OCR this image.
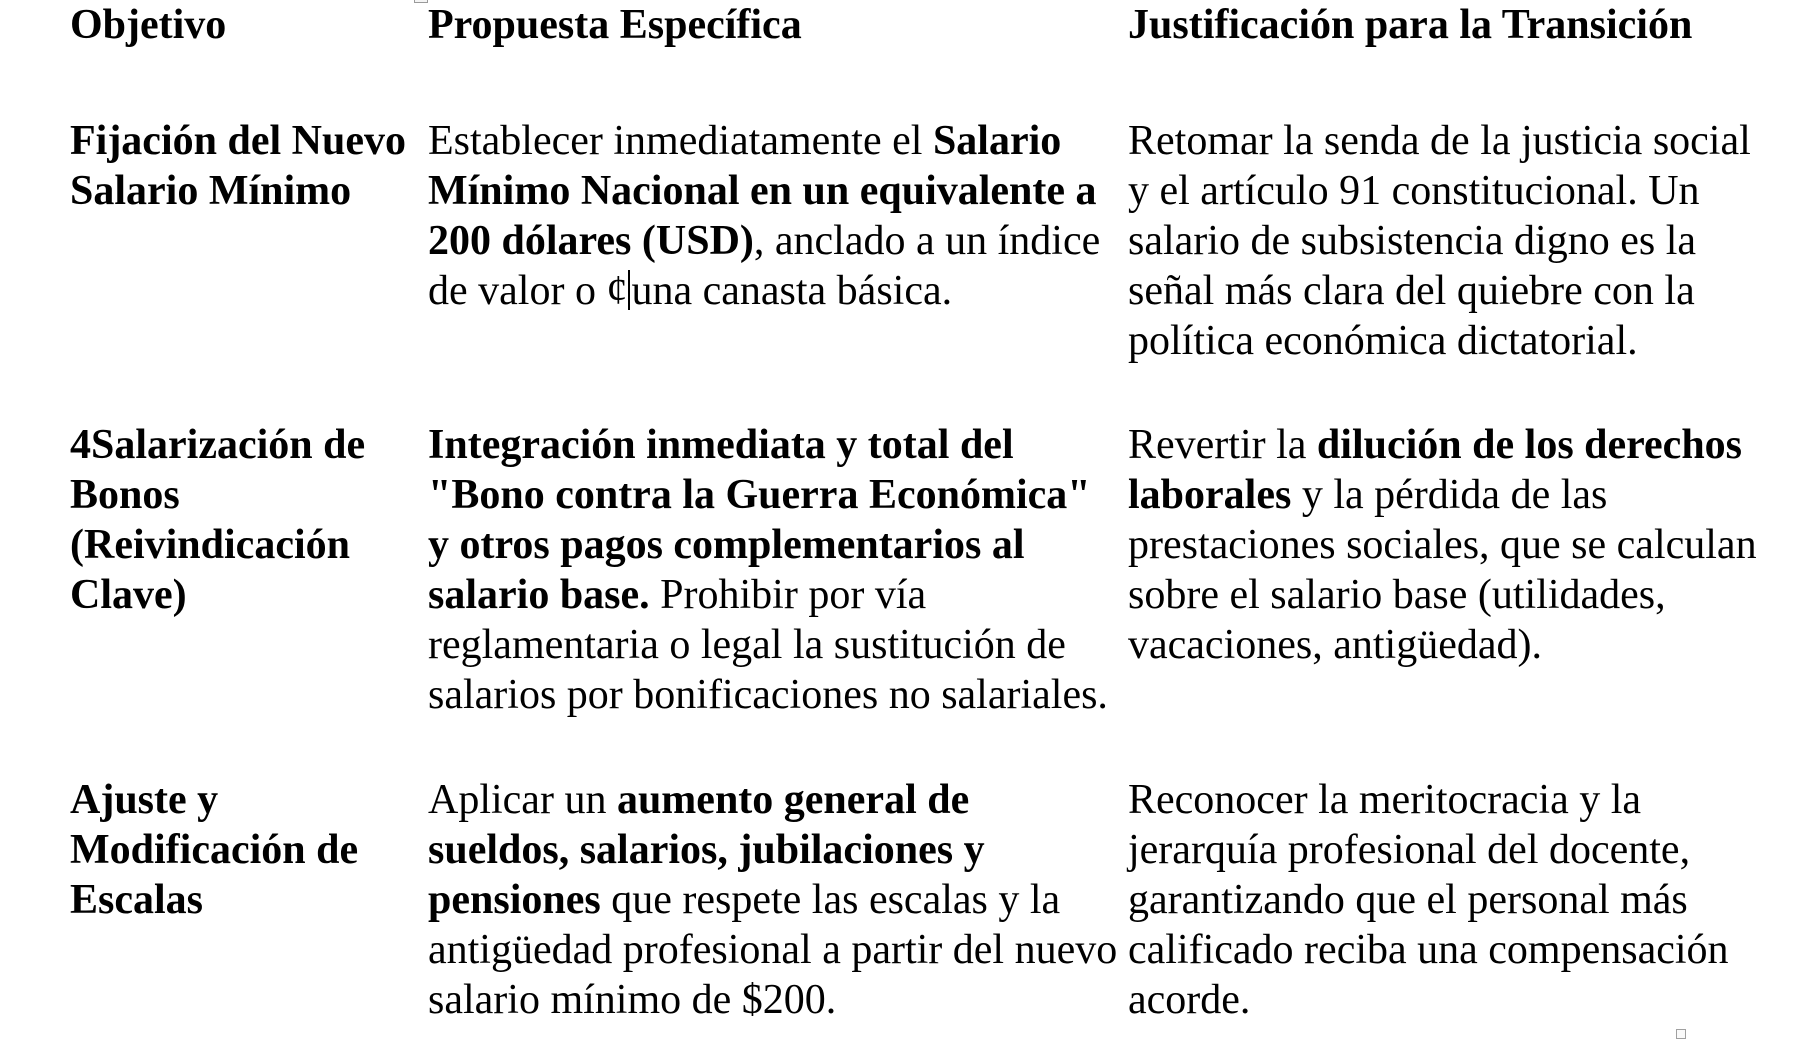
Objetivo	Propuesta Específica	Justificación para la Transición

Fijación del Nuevo Salario Mínimo

Establecer inmediatamente el Salario Mínimo Nacional en un equivalente a 200 dólares (USD), anclado a un índice de valor o ¢una canasta básica.

Retomar la senda de la justicia social y el artículo 91 constitucional. Un salario de subsistencia digno es la señal más clara del quiebre con la política económica dictatorial.

4Salarización de Bonos (Reivindicación Clave)

Integración inmediata y total del "Bono contra la Guerra Económica" y otros pagos complementarios al salario base. Prohibir por vía reglamentaria o legal la sustitución de salarios por bonificaciones no salariales.

Revertir la dilución de los derechos laborales y la pérdida de las prestaciones sociales, que se calculan sobre el salario base (utilidades, vacaciones, antigüedad).

Ajuste y Modificación de Escalas

Aplicar un aumento general de sueldos, salarios, jubilaciones y pensiones que respete las escalas y la antigüedad profesional a partir del nuevo salario mínimo de $200.

Reconocer la meritocracia y la jerarquía profesional del docente, garantizando que el personal más calificado reciba una compensación acorde.
